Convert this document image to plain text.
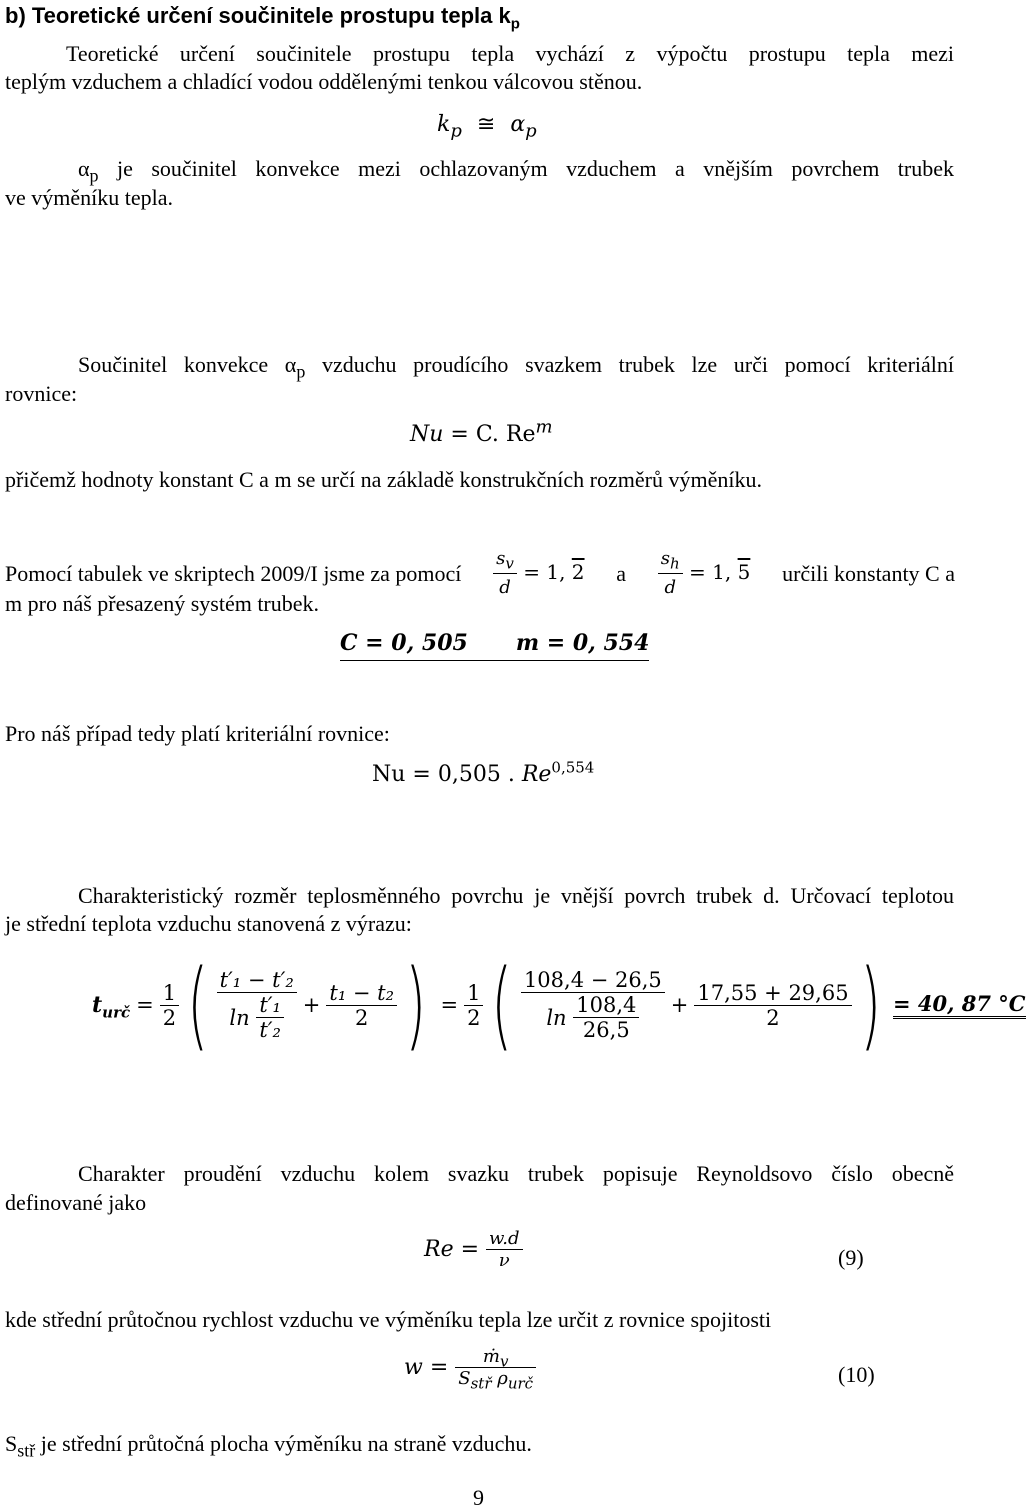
b) Teoretické určení součinitele prostupu tepla $k_p$
Teoretické určení součinitele prostupu tepla vychází z výpočtu prostupu tepla mezi
teplým vzduchem a chladící vodou oddělenými tenkou válcovou stěnou.
$k_p$ ≅ $\alpha_p$
$\alpha_p$ je součinitel konvekce mezi ochlazovaným vzduchem a vnějším povrchem trubek
ve výměníku tepla.
Součinitel konvekce $\alpha_p$ vzduchu proudícího svazkem trubek lze urči pomocí kriteriální
rovnice:
Nu = C. Re$^m$
přičemž hodnoty konstant C a m se určí na základě konstrukčních rozměrů výměníku.
Pomocí tabulek ve skriptech 2009/I jsme za pomocí $\frac{s_v}{d} = 1$, 2 a $\frac{s_h}{d} = 1$, 5 určili konstanty C a
m pro náš přesazený systém trubek.
C = 0, 505 m = 0, 554
Pro náš případ tedy platí kriteriální rovnice:
Nu = 0,505 . Re$^{0,554}$
Charakteristický rozměr teplosměnného povrchu je vnější povrch trubek d. Určovací teplotou
je střední teplota vzduchu stanovená z výrazu:
$t_{urč} = \frac{1}{2}$ ( t′₁ − t′₂
ln
$\frac{\text{t′₁}}{\text{t′₂}} + \frac{\text{t₁ − t₂}}{2}$ ) = $\frac{1}{2}$ ( 108,4 − 26,5
ln
$\frac{108,4}{26,5} + \frac{17,55 + 29,65}{2}$ ) = 40, 87 °C
Charakter proudění vzduchu kolem svazku trubek popisuje Reynoldsovo číslo obecně
definované jako
Re =
$\frac{w.d}{\nu}$	(9)
kde střední průtočnou rychlost vzduchu ve výměníku tepla lze určit z rovnice spojitosti
w =
$\frac{ṁ_v}{S_{stř} \rho_{urč}}$	(10)
$S_{stř}$ je střední průtočná plocha výměníku na straně vzduchu.
9
